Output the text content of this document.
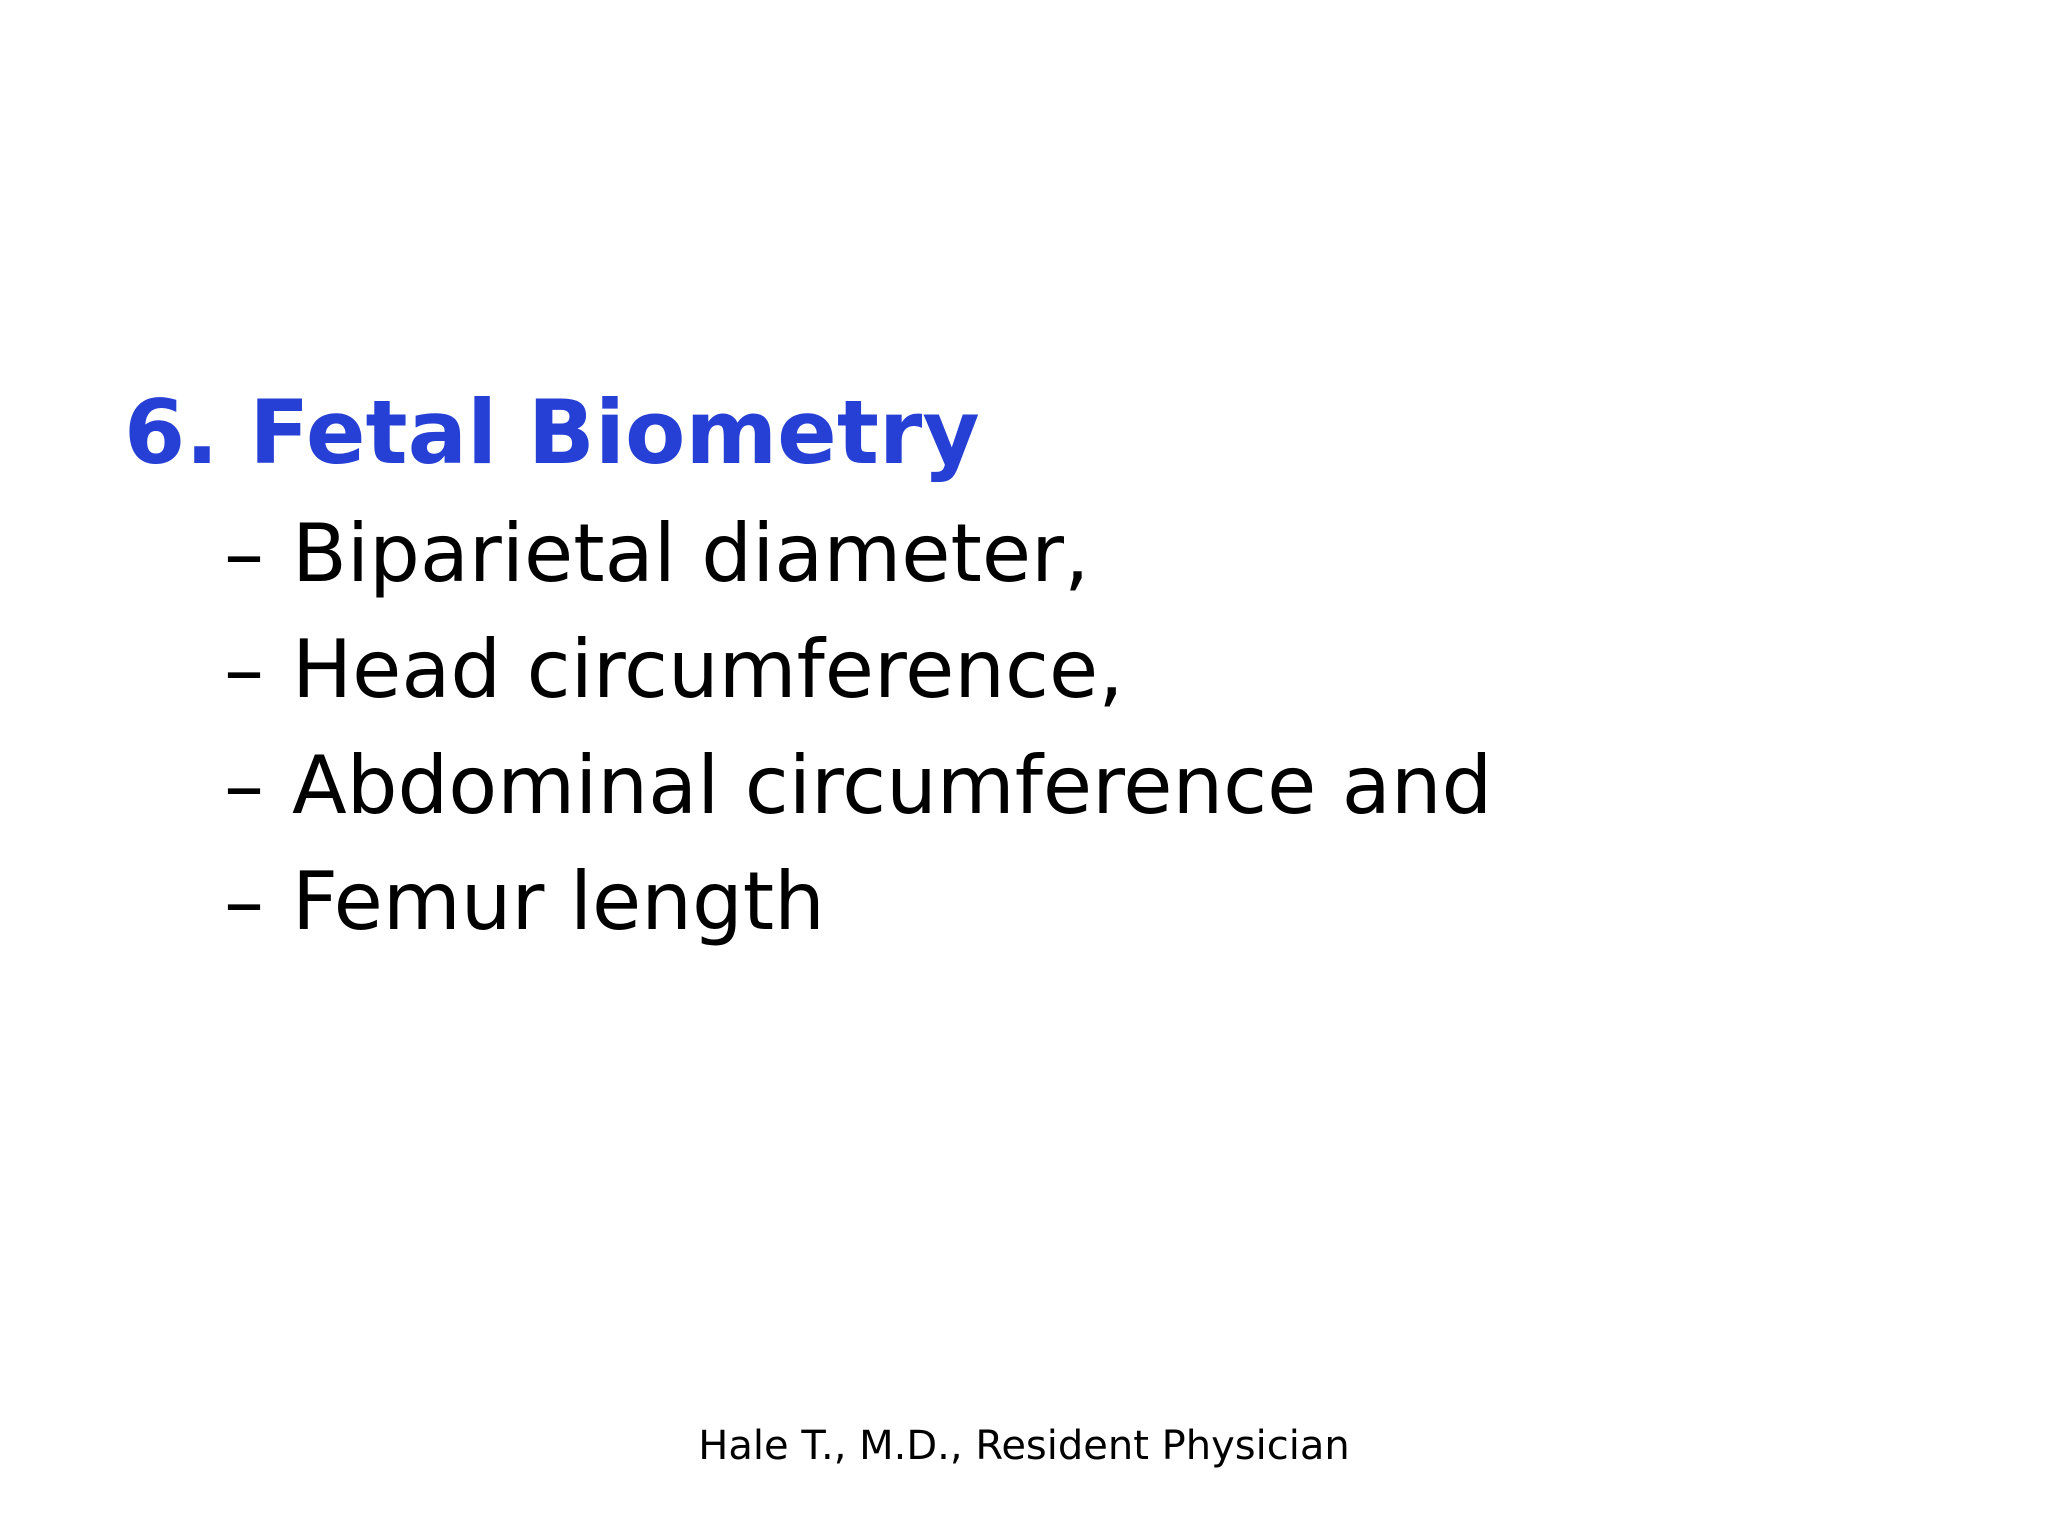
6. Fetal Biometry
– Biparietal diameter,
– Head circumference,
– Abdominal circumference and
– Femur length
Hale T., M.D., Resident Physician
